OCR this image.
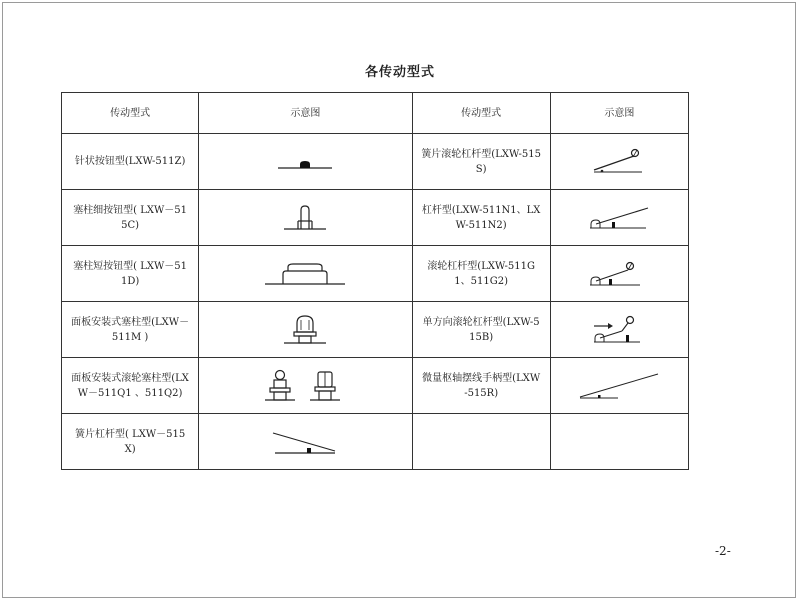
各传动型式
传动型式	示意图	传动型式	示意图
针状按钮型(LXW-511Z)		簧片滚轮杠杆型(LXW-515S)	

塞柱细按钮型( LXW－515C)		杠杆型(LXW-511N1、LXW-511N2)	

塞柱短按钮型( LXW－511D)		滚轮杠杆型(LXW-511G1、511G2)	

面板安装式塞柱型(LXW－511M )		单方向滚轮杠杆型(LXW-515B)	

面板安装式滚轮塞柱型(LXW－511Q1 、511Q2)		微量枢轴摆线手柄型(LXW-515R)	

簧片杠杆型( LXW－515X)	

-2-
